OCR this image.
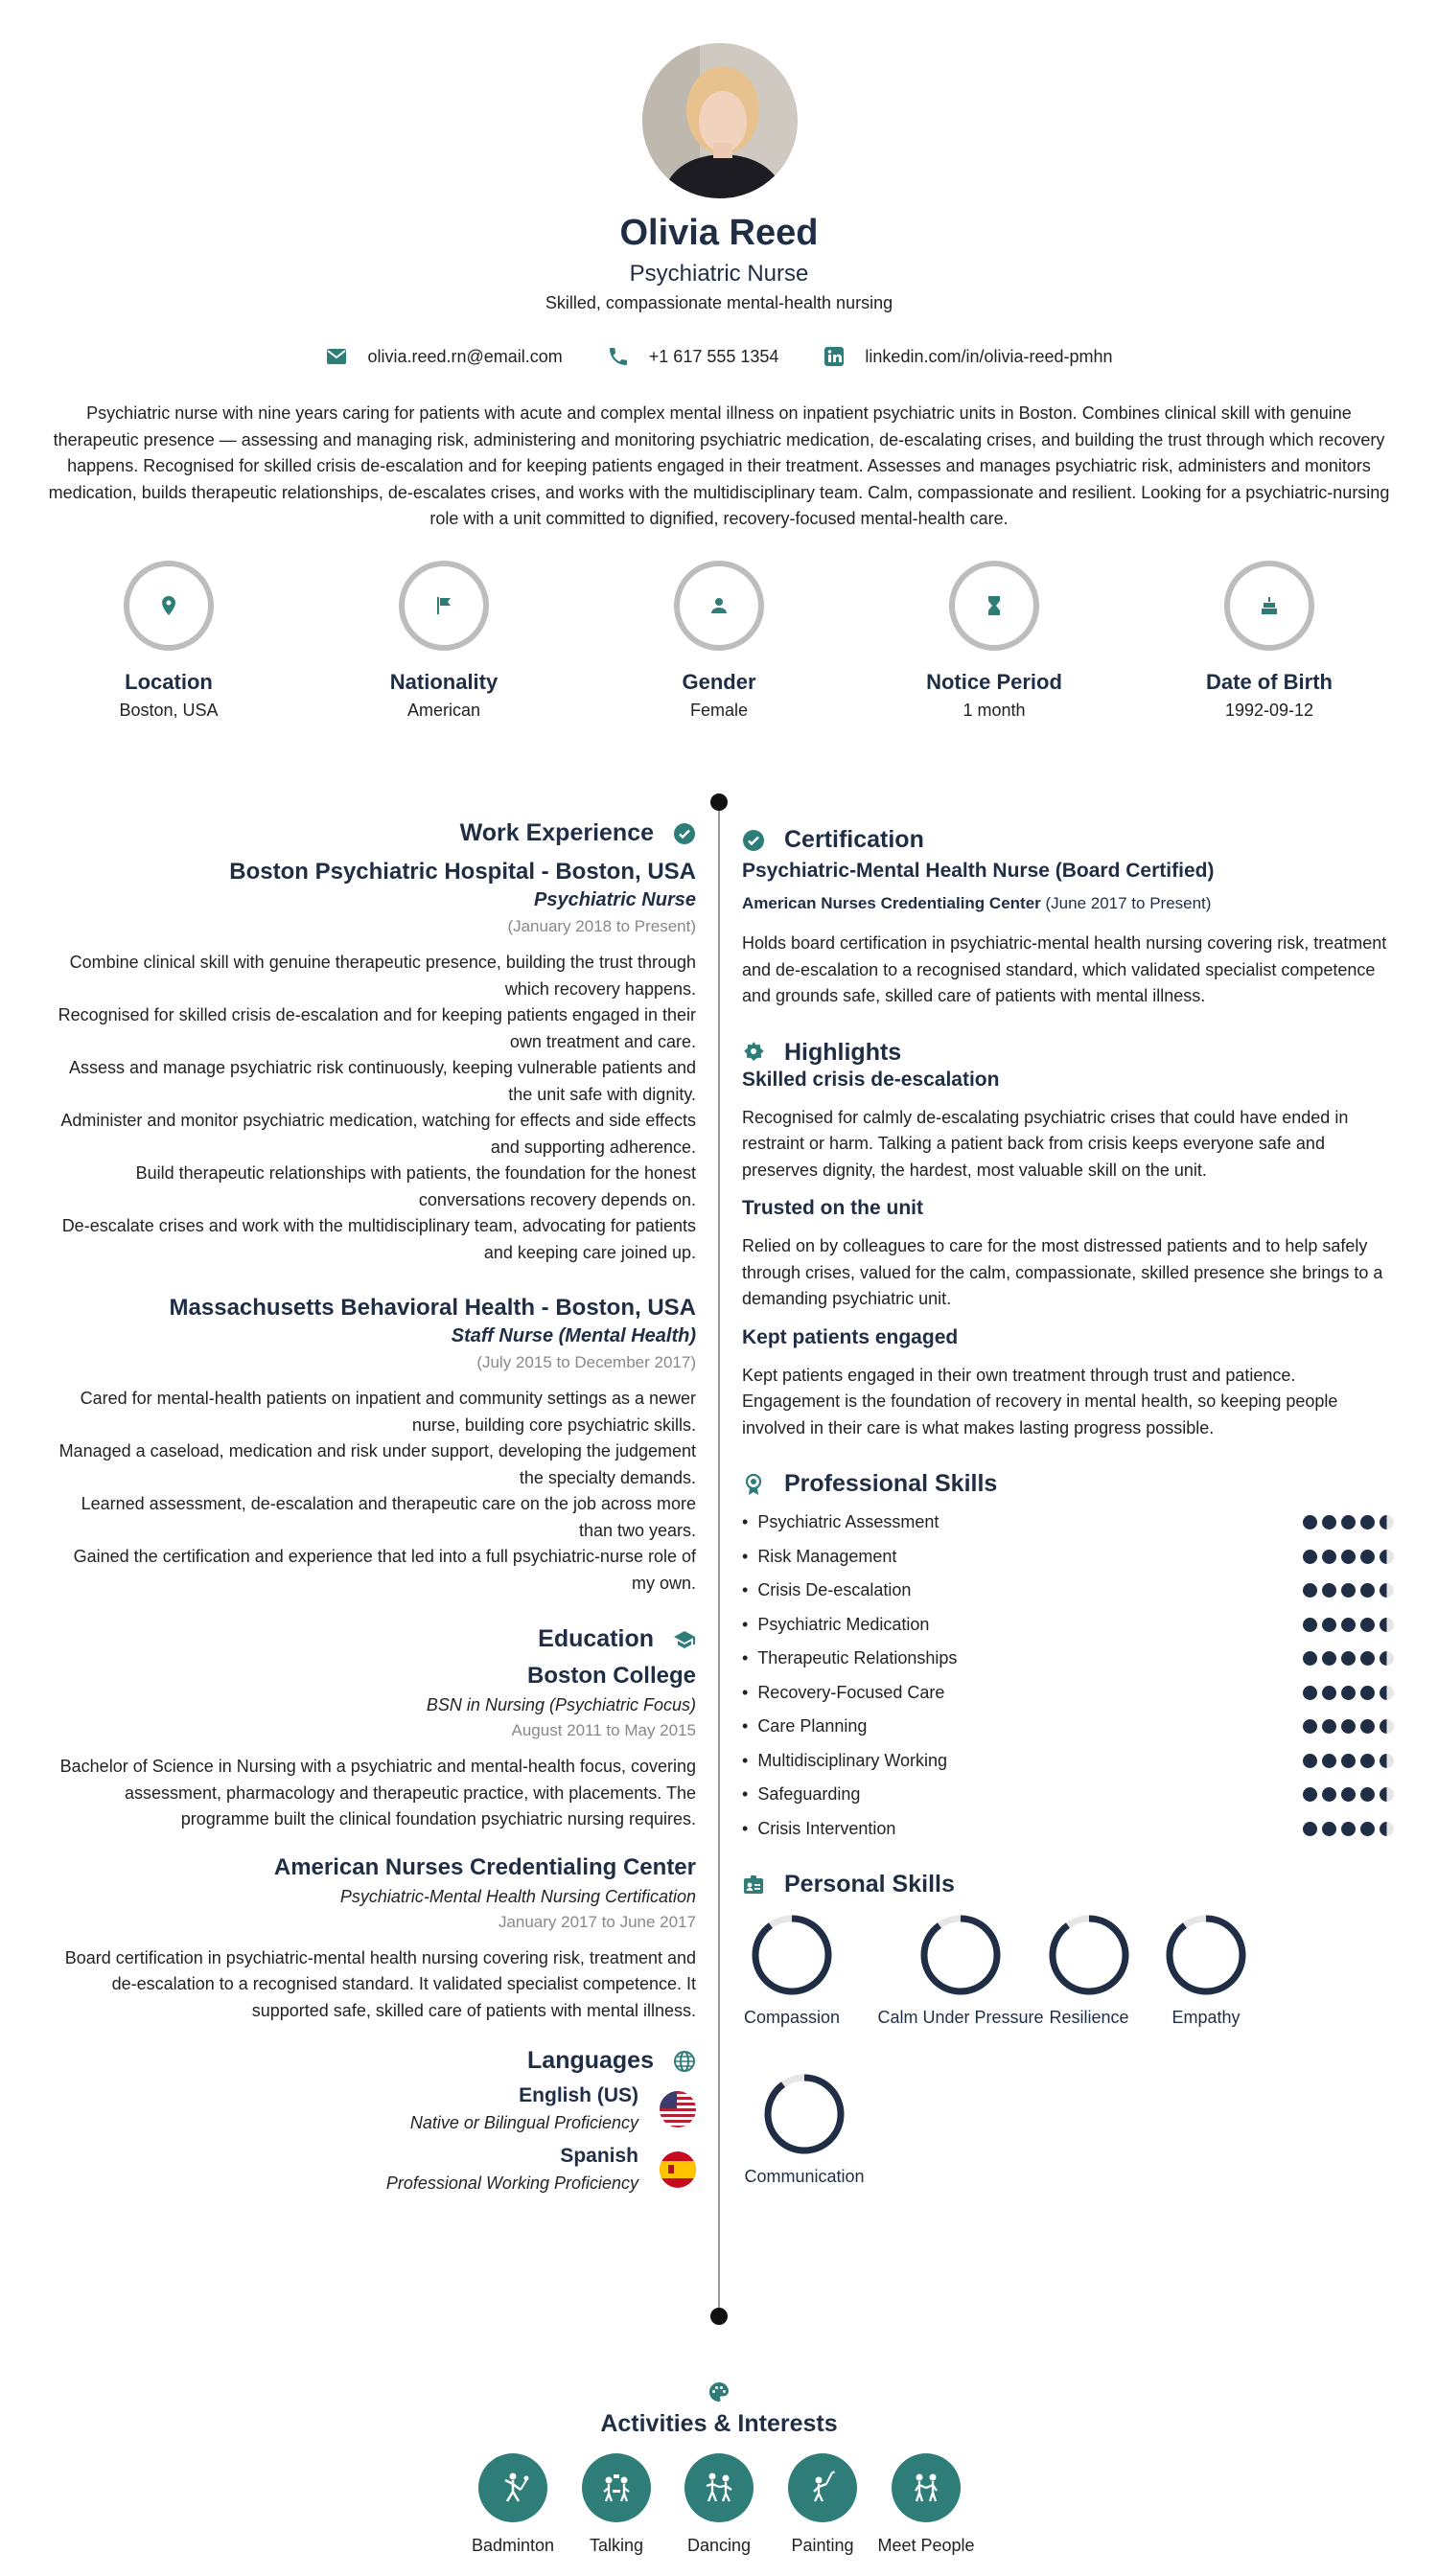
Olivia Reed
Psychiatric Nurse
Skilled, compassionate mental-health nursing
olivia.reed.rn@email.com	+1 617 555 1354	linkedin.com/in/olivia-reed-pmhn
Psychiatric nurse with nine years caring for patients with acute and complex mental illness on inpatient psychiatric units in Boston. Combines clinical skill with genuine therapeutic presence — assessing and managing risk, administering and monitoring psychiatric medication, de-escalating crises, and building the trust through which recovery happens. Recognised for skilled crisis de-escalation and for keeping patients engaged in their treatment. Assesses and manages psychiatric risk, administers and monitors medication, builds therapeutic relationships, de-escalates crises, and works with the multidisciplinary team. Calm, compassionate and resilient. Looking for a psychiatric-nursing role with a unit committed to dignified, recovery-focused mental-health care.
Location
Boston, USA
Nationality
American
Gender
Female
Notice Period
1 month
Date of Birth
1992-09-12
Work Experience
Boston Psychiatric Hospital - Boston, USA
Psychiatric Nurse
(January 2018 to Present)
Combine clinical skill with genuine therapeutic presence, building the trust through which recovery happens.
Recognised for skilled crisis de-escalation and for keeping patients engaged in their own treatment and care.
Assess and manage psychiatric risk continuously, keeping vulnerable patients and the unit safe with dignity.
Administer and monitor psychiatric medication, watching for effects and side effects and supporting adherence.
Build therapeutic relationships with patients, the foundation for the honest conversations recovery depends on.
De-escalate crises and work with the multidisciplinary team, advocating for patients and keeping care joined up.
Massachusetts Behavioral Health - Boston, USA
Staff Nurse (Mental Health)
(July 2015 to December 2017)
Cared for mental-health patients on inpatient and community settings as a newer nurse, building core psychiatric skills.
Managed a caseload, medication and risk under support, developing the judgement the specialty demands.
Learned assessment, de-escalation and therapeutic care on the job across more than two years.
Gained the certification and experience that led into a full psychiatric-nurse role of my own.
Education
Boston College
BSN in Nursing (Psychiatric Focus)
August 2011 to May 2015
Bachelor of Science in Nursing with a psychiatric and mental-health focus, covering assessment, pharmacology and therapeutic practice, with placements. The programme built the clinical foundation psychiatric nursing requires.
American Nurses Credentialing Center
Psychiatric-Mental Health Nursing Certification
January 2017 to June 2017
Board certification in psychiatric-mental health nursing covering risk, treatment and de-escalation to a recognised standard. It validated specialist competence. It supported safe, skilled care of patients with mental illness.
Languages
English (US)
Native or Bilingual Proficiency
Spanish
Professional Working Proficiency
Certification
Psychiatric-Mental Health Nurse (Board Certified)
American Nurses Credentialing Center (June 2017 to Present)
Holds board certification in psychiatric-mental health nursing covering risk, treatment and de-escalation to a recognised standard, which validated specialist competence and grounds safe, skilled care of patients with mental illness.
Highlights
Skilled crisis de-escalation
Recognised for calmly de-escalating psychiatric crises that could have ended in restraint or harm. Talking a patient back from crisis keeps everyone safe and preserves dignity, the hardest, most valuable skill on the unit.
Trusted on the unit
Relied on by colleagues to care for the most distressed patients and to help safely through crises, valued for the calm, compassionate, skilled presence she brings to a demanding psychiatric unit.
Kept patients engaged
Kept patients engaged in their own treatment through trust and patience. Engagement is the foundation of recovery in mental health, so keeping people involved in their care is what makes lasting progress possible.
Professional Skills
• Psychiatric Assessment
• Risk Management
• Crisis De-escalation
• Psychiatric Medication
• Therapeutic Relationships
• Recovery-Focused Care
• Care Planning
• Multidisciplinary Working
• Safeguarding
• Crisis Intervention
Personal Skills
Compassion Calm Under Pressure Resilience	Empathy
Communication
Activities & Interests
Badminton	Talking	Dancing	Painting	Meet People
